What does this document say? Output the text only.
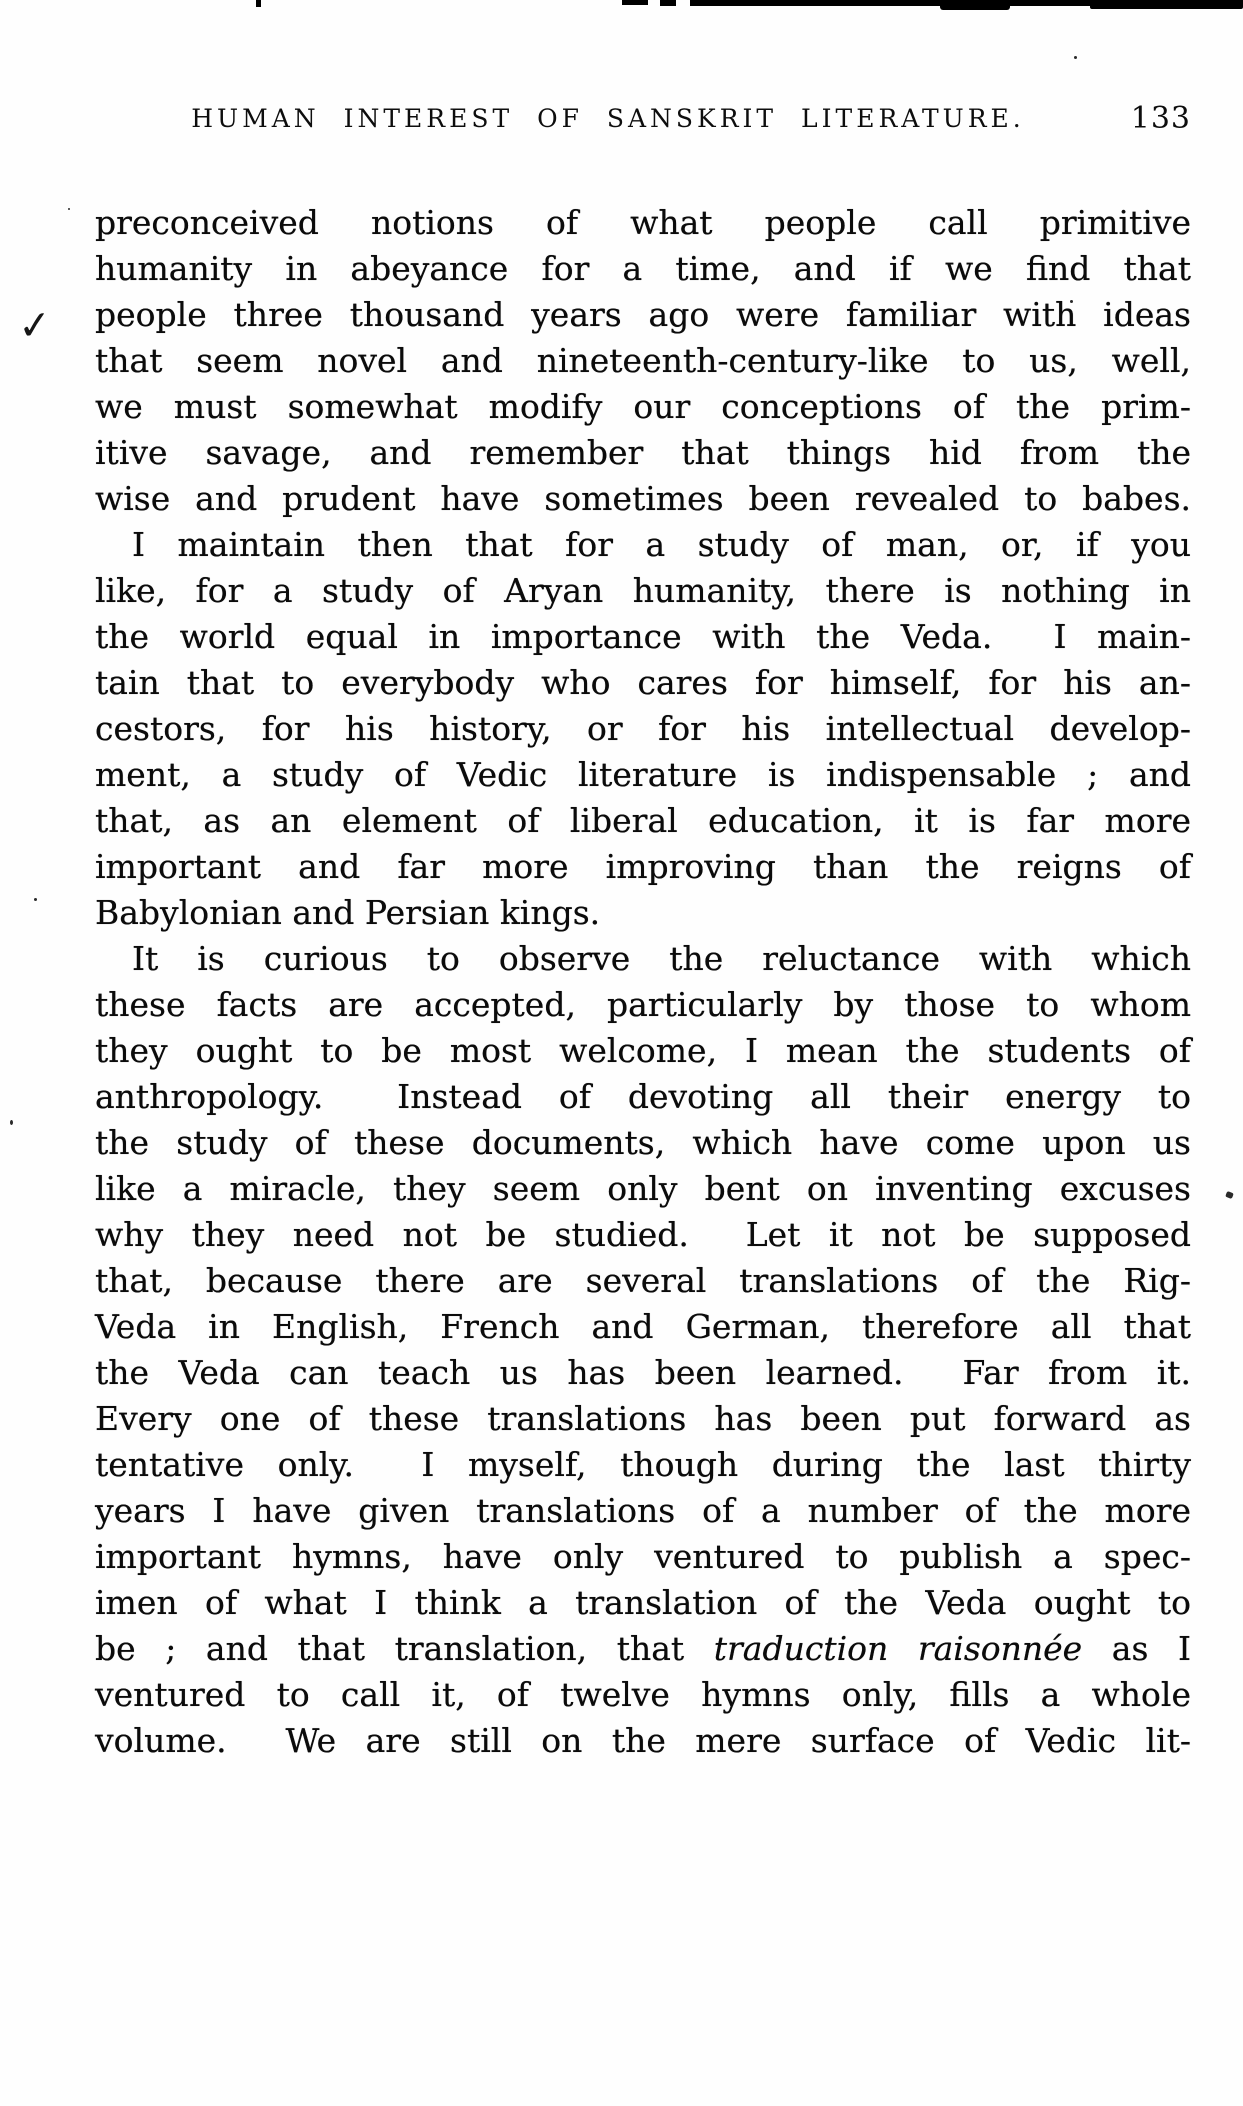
✓
HUMAN INTEREST OF SANSKRIT LITERATURE.	133
preconceived notions of what people call primitive
humanity in abeyance for a time, and if we find that
people three thousand years ago were familiar with ideas
that seem novel and nineteenth-century-like to us, well,
we must somewhat modify our conceptions of the prim-
itive savage, and remember that things hid from the
wise and prudent have sometimes been revealed to babes.
I maintain then that for a study of man, or, if you
like, for a study of Aryan humanity, there is nothing in
the world equal in importance with the Veda.  I main-
tain that to everybody who cares for himself, for his an-
cestors, for his history, or for his intellectual develop-
ment, a study of Vedic literature is indispensable ; and
that, as an element of liberal education, it is far more
important and far more improving than the reigns of
Babylonian and Persian kings.
It is curious to observe the reluctance with which
these facts are accepted, particularly by those to whom
they ought to be most welcome, I mean the students of
anthropology.  Instead of devoting all their energy to
the study of these documents, which have come upon us
like a miracle, they seem only bent on inventing excuses
why they need not be studied.  Let it not be supposed
that, because there are several translations of the Rig-
Veda in English, French and German, therefore all that
the Veda can teach us has been learned.  Far from it.
Every one of these translations has been put forward as
tentative only.  I myself, though during the last thirty
years I have given translations of a number of the more
important hymns, have only ventured to publish a spec-
imen of what I think a translation of the Veda ought to
be ; and that translation, that traduction raisonnée as I
ventured to call it, of twelve hymns only, fills a whole
volume.  We are still on the mere surface of Vedic lit-
